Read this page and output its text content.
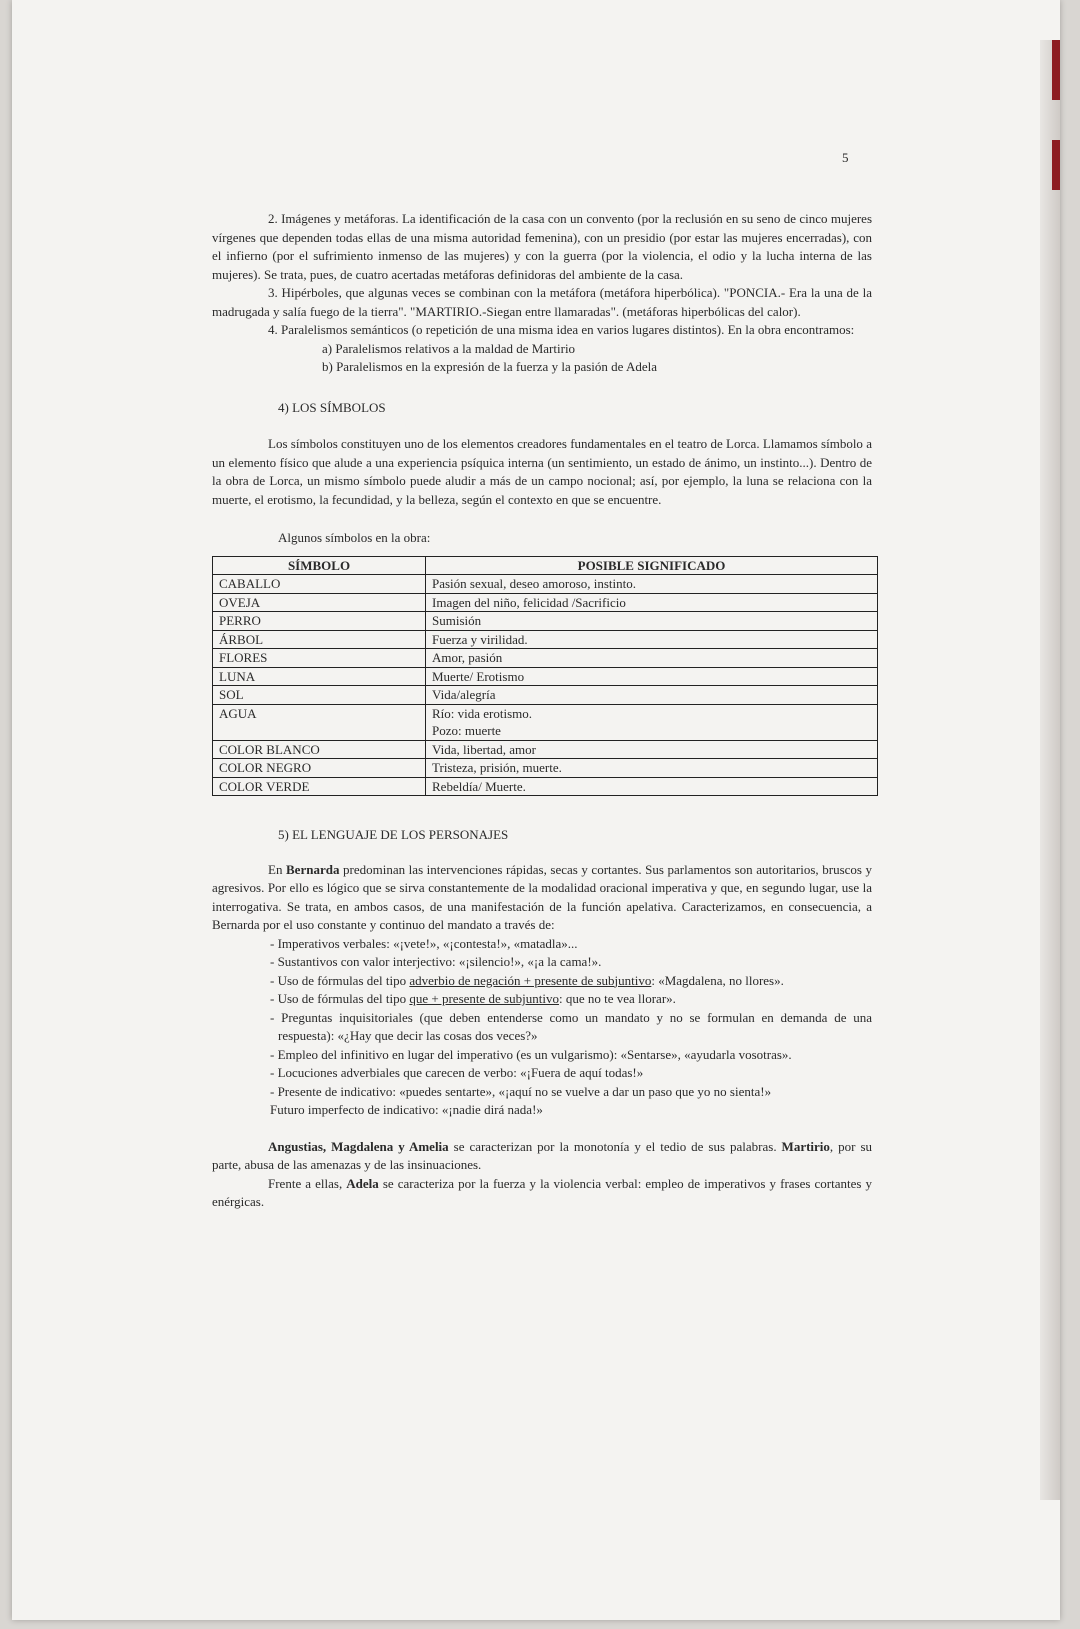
5

2. Imágenes y metáforas. La identificación de la casa con un convento (por la reclusión en su seno de cinco mujeres vírgenes que dependen todas ellas de una misma autoridad femenina), con un presidio (por estar las mujeres encerradas), con el infierno (por el sufrimiento inmenso de las mujeres) y con la guerra (por la violencia, el odio y la lucha interna de las mujeres). Se trata, pues, de cuatro acertadas metáforas definidoras del ambiente de la casa.

3. Hipérboles, que algunas veces se combinan con la metáfora (metáfora hiperbólica). "PONCIA.- Era la una de la madrugada y salía fuego de la tierra". "MARTIRIO.-Siegan entre llamaradas". (metáforas hiperbólicas del calor).

4. Paralelismos semánticos (o repetición de una misma idea en varios lugares distintos). En la obra encontramos:

a) Paralelismos relativos a la maldad de Martirio

b) Paralelismos en la expresión de la fuerza y la pasión de Adela

4) LOS SÍMBOLOS

Los símbolos constituyen uno de los elementos creadores fundamentales en el teatro de Lorca. Llamamos símbolo a un elemento físico que alude a una experiencia psíquica interna (un sentimiento, un estado de ánimo, un instinto...). Dentro de la obra de Lorca, un mismo símbolo puede aludir a más de un campo nocional; así, por ejemplo, la luna se relaciona con la muerte, el erotismo, la fecundidad, y la belleza, según el contexto en que se encuentre.

Algunos símbolos en la obra:

SÍMBOLO	POSIBLE SIGNIFICADO
CABALLO	Pasión sexual, deseo amoroso, instinto.
OVEJA	Imagen del niño, felicidad /Sacrificio
PERRO	Sumisión
ÁRBOL	Fuerza y virilidad.
FLORES	Amor, pasión
LUNA	Muerte/ Erotismo
SOL	Vida/alegría
AGUA	Río: vida erotismo.
Pozo: muerte

COLOR BLANCO	Vida, libertad, amor
COLOR NEGRO	Tristeza, prisión, muerte.
COLOR VERDE	Rebeldía/ Muerte.

5) EL LENGUAJE DE LOS PERSONAJES

En Bernarda predominan las intervenciones rápidas, secas y cortantes. Sus parlamentos son autoritarios, bruscos y agresivos. Por ello es lógico que se sirva constantemente de la modalidad oracional imperativa y que, en segundo lugar, use la interrogativa. Se trata, en ambos casos, de una manifestación de la función apelativa. Caracterizamos, en consecuencia, a Bernarda por el uso constante y continuo del mandato a través de:

- Imperativos verbales: «¡vete!», «¡contesta!», «matadla»...

- Sustantivos con valor interjectivo: «¡silencio!», «¡a la cama!».

- Uso de fórmulas del tipo adverbio de negación + presente de subjuntivo: «Magdalena, no llores».

- Uso de fórmulas del tipo que + presente de subjuntivo: que no te vea llorar».

- Preguntas inquisitoriales (que deben entenderse como un mandato y no se formulan en demanda de una respuesta): «¿Hay que decir las cosas dos veces?»

- Empleo del infinitivo en lugar del imperativo (es un vulgarismo): «Sentarse», «ayudarla vosotras».

- Locuciones adverbiales que carecen de verbo: «¡Fuera de aquí todas!»

- Presente de indicativo: «puedes sentarte», «¡aquí no se vuelve a dar un paso que yo no sienta!»

Futuro imperfecto de indicativo: «¡nadie dirá nada!»

Angustias, Magdalena y Amelia se caracterizan por la monotonía y el tedio de sus palabras. Martirio, por su parte, abusa de las amenazas y de las insinuaciones.

Frente a ellas, Adela se caracteriza por la fuerza y la violencia verbal: empleo de imperativos y frases cortantes y enérgicas.
